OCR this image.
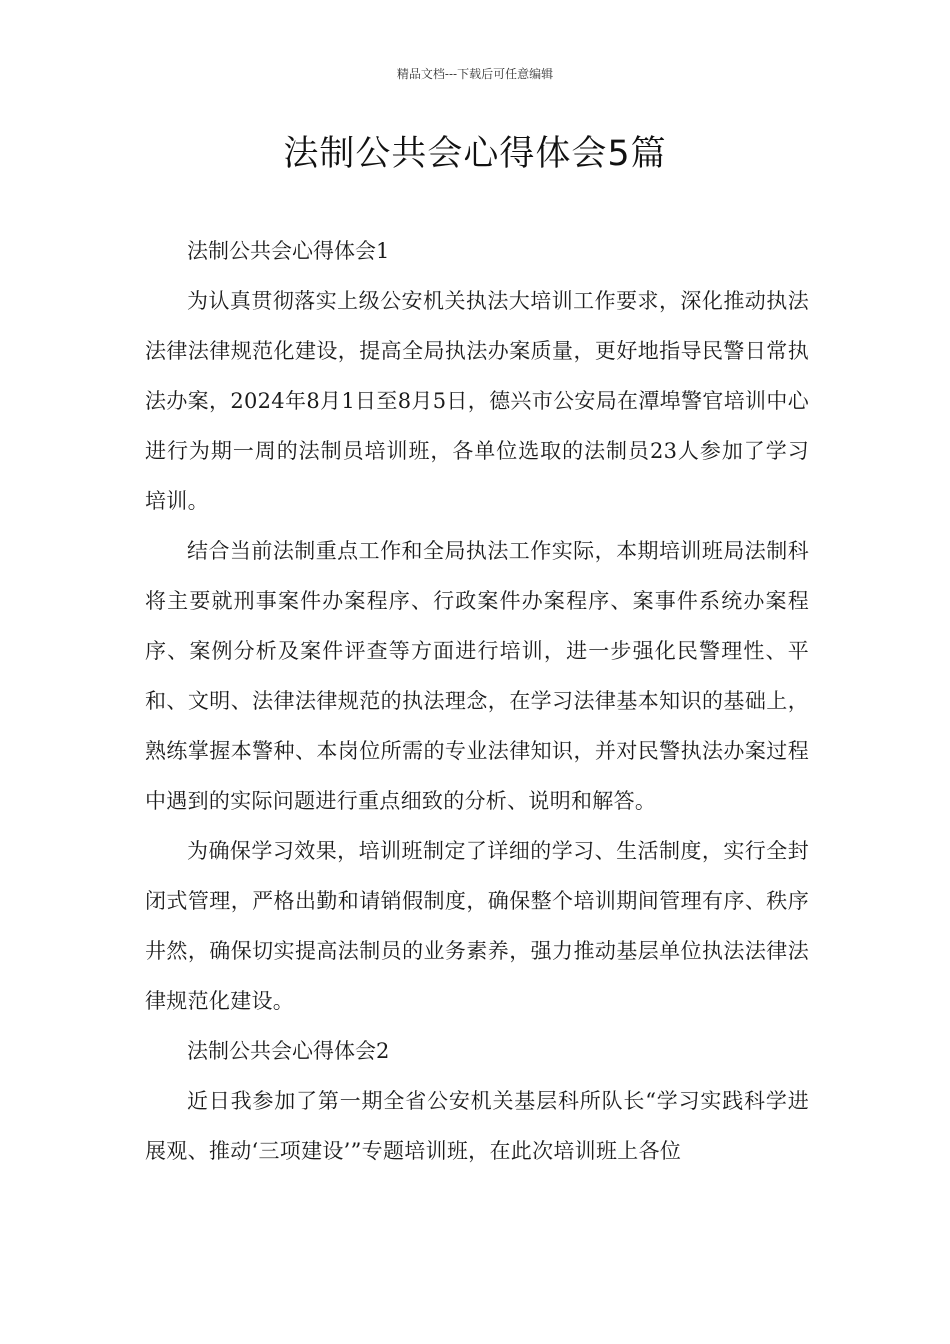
精品文档---下载后可任意编辑
法制公共会心得体会5篇

法制公共会心得体会1

为认真贯彻落实上级公安机关执法大培训工作要求，深化推动执法法律法律规范化建设，提高全局执法办案质量，更好地指导民警日常执法办案，2024年8月1日至8月5日，德兴市公安局在潭埠警官培训中心进行为期一周的法制员培训班，各单位选取的法制员23人参加了学习培训。

结合当前法制重点工作和全局执法工作实际，本期培训班局法制科将主要就刑事案件办案程序、行政案件办案程序、案事件系统办案程序、案例分析及案件评查等方面进行培训，进一步强化民警理性、平和、文明、法律法律规范的执法理念，在学习法律基本知识的基础上，熟练掌握本警种、本岗位所需的专业法律知识，并对民警执法办案过程中遇到的实际问题进行重点细致的分析、说明和解答。

为确保学习效果，培训班制定了详细的学习、生活制度，实行全封闭式管理，严格出勤和请销假制度，确保整个培训期间管理有序、秩序井然，确保切实提高法制员的业务素养，强力推动基层单位执法法律法律规范化建设。

法制公共会心得体会2

近日我参加了第一期全省公安机关基层科所队长“学习实践科学进展观、推动‘三项建设’”专题培训班，在此次培训班上各位
